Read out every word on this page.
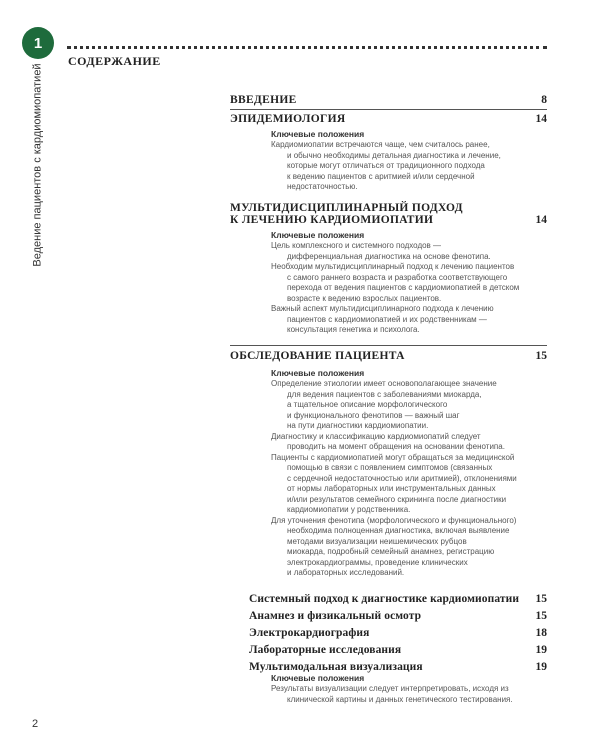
1
Ведение пациентов с кардиомиопатией
СОДЕРЖАНИЕ
ВВЕДЕНИЕ	8
ЭПИДЕМИОЛОГИЯ	14
Ключевые положения
Кардиомиопатии встречаются чаще, чем считалось ранее,
и обычно необходимы детальная диагностика и лечение,
которые могут отличаться от традиционного подхода
к ведению пациентов с аритмией и/или сердечной
недостаточностью.
МУЛЬТИДИСЦИПЛИНАРНЫЙ ПОДХОД
К ЛЕЧЕНИЮ КАРДИОМИОПАТИИ	14
Ключевые положения
Цель комплексного и системного подходов —
дифференциальная диагностика на основе фенотипа.
Необходим мультидисциплинарный подход к лечению пациентов
с самого раннего возраста и разработка соответствующего
перехода от ведения пациентов с кардиомиопатией в детском
возрасте к ведению взрослых пациентов.
Важный аспект мультидисциплинарного подхода к лечению
пациентов с кардиомиопатией и их родственникам —
консультация генетика и психолога.
ОБСЛЕДОВАНИЕ ПАЦИЕНТА	15
Ключевые положения
Определение этиологии имеет основополагающее значение
для ведения пациентов с заболеваниями миокарда,
а тщательное описание морфологического
и функционального фенотипов — важный шаг
на пути диагностики кардиомиопатии.
Диагностику и классификацию кардиомиопатий следует
проводить на момент обращения на основании фенотипа.
Пациенты с кардиомиопатией могут обращаться за медицинской
помощью в связи с появлением симптомов (связанных
с сердечной недостаточностью или аритмией), отклонениями
от нормы лабораторных или инструментальных данных
и/или результатов семейного скрининга после диагностики
кардиомиопатии у родственника.
Для уточнения фенотипа (морфологического и функционального)
необходима полноценная диагностика, включая выявление
методами визуализации неишемических рубцов
миокарда, подробный семейный анамнез, регистрацию
электрокардиограммы, проведение клинических
и лабораторных исследований.
Системный подход к диагностике кардиомиопатии 15
Анамнез и физикальный осмотр	15
Электрокардиография	18
Лабораторные исследования	19
Мультимодальная визуализация	19
Ключевые положения
Результаты визуализации следует интерпретировать, исходя из
клинической картины и данных генетического тестирования.
2
